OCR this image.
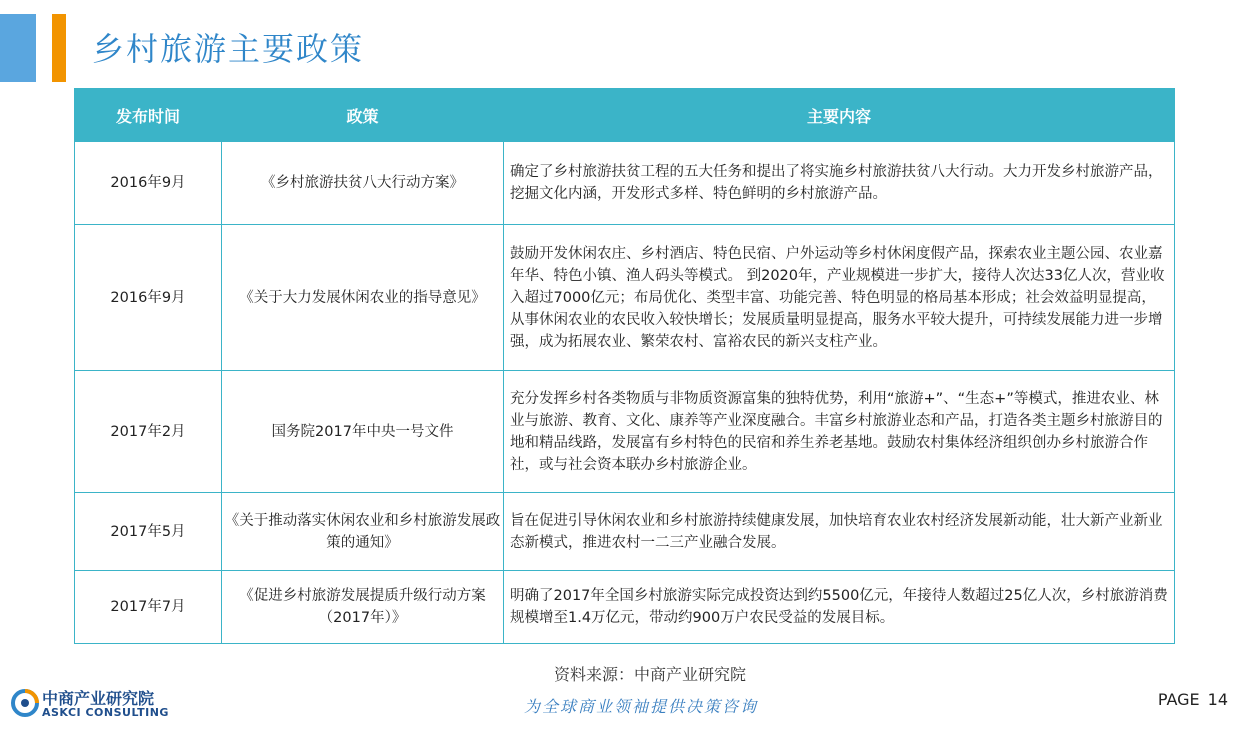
乡村旅游主要政策
发布时间	政策	主要内容
2016年9月	《乡村旅游扶贫八大行动方案》	确定了乡村旅游扶贫工程的五大任务和提出了将实施乡村旅游扶贫八大行动。大力开发乡村旅游产品，挖掘文化内涵，开发形式多样、特色鲜明的乡村旅游产品。
2016年9月	《关于大力发展休闲农业的指导意见》	鼓励开发休闲农庄、乡村酒店、特色民宿、户外运动等乡村休闲度假产品，探索农业主题公园、农业嘉年华、特色小镇、渔人码头等模式。 到2020年，产业规模进一步扩大，接待人次达33亿人次，营业收入超过7000亿元；布局优化、类型丰富、功能完善、特色明显的格局基本形成；社会效益明显提高，从事休闲农业的农民收入较快增长；发展质量明显提高，服务水平较大提升，可持续发展能力进一步增强，成为拓展农业、繁荣农村、富裕农民的新兴支柱产业。
2017年2月	国务院2017年中央一号文件	充分发挥乡村各类物质与非物质资源富集的独特优势，利用“旅游+”、“生态+”等模式，推进农业、林业与旅游、教育、文化、康养等产业深度融合。丰富乡村旅游业态和产品，打造各类主题乡村旅游目的地和精品线路，发展富有乡村特色的民宿和养生养老基地。鼓励农村集体经济组织创办乡村旅游合作社，或与社会资本联办乡村旅游企业。
2017年5月	《关于推动落实休闲农业和乡村旅游发展政策的通知》	旨在促进引导休闲农业和乡村旅游持续健康发展，加快培育农业农村经济发展新动能，壮大新产业新业态新模式，推进农村一二三产业融合发展。
2017年7月	《促进乡村旅游发展提质升级行动方案（2017年）》	明确了2017年全国乡村旅游实际完成投资达到约5500亿元，年接待人数超过25亿人次，乡村旅游消费规模增至1.4万亿元，带动约900万户农民受益的发展目标。
资料来源：中商产业研究院
为全球商业领袖提供决策咨询
中商产业研究院
ASKCI CONSULTING
PAGE 14
